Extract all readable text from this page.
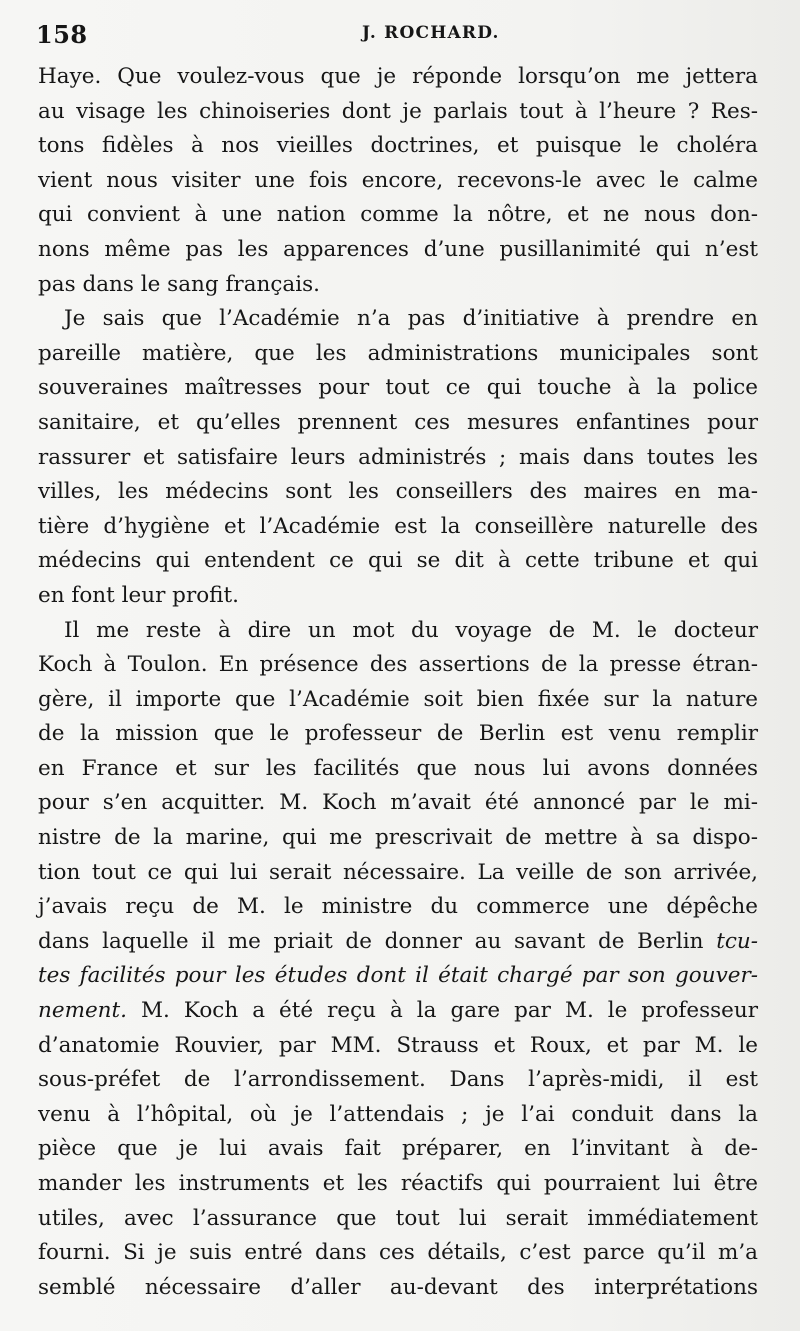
158	J. ROCHARD.
Haye. Que voulez-vous que je réponde lorsqu’on me jettera
au visage les chinoiseries dont je parlais tout à l’heure ? Res-
tons fidèles à nos vieilles doctrines, et puisque le choléra
vient nous visiter une fois encore, recevons-le avec le calme
qui convient à une nation comme la nôtre, et ne nous don-
nons même pas les apparences d’une pusillanimité qui n’est
pas dans le sang français.
Je sais que l’Académie n’a pas d’initiative à prendre en
pareille matière, que les administrations municipales sont
souveraines maîtresses pour tout ce qui touche à la police
sanitaire, et qu’elles prennent ces mesures enfantines pour
rassurer et satisfaire leurs administrés ; mais dans toutes les
villes, les médecins sont les conseillers des maires en ma-
tière d’hygiène et l’Académie est la conseillère naturelle des
médecins qui entendent ce qui se dit à cette tribune et qui
en font leur profit.
Il me reste à dire un mot du voyage de M. le docteur
Koch à Toulon. En présence des assertions de la presse étran-
gère, il importe que l’Académie soit bien fixée sur la nature
de la mission que le professeur de Berlin est venu remplir
en France et sur les facilités que nous lui avons données
pour s’en acquitter. M. Koch m’avait été annoncé par le mi-
nistre de la marine, qui me prescrivait de mettre à sa dispo-
tion tout ce qui lui serait nécessaire. La veille de son arrivée,
j’avais reçu de M. le ministre du commerce une dépêche
dans laquelle il me priait de donner au savant de Berlin tcu-
tes facilités pour les études dont il était chargé par son gouver-
nement. M. Koch a été reçu à la gare par M. le professeur
d’anatomie Rouvier, par MM. Strauss et Roux, et par M. le
sous-préfet de l’arrondissement. Dans l’après-midi, il est
venu à l’hôpital, où je l’attendais ; je l’ai conduit dans la
pièce que je lui avais fait préparer, en l’invitant à de-
mander les instruments et les réactifs qui pourraient lui être
utiles, avec l’assurance que tout lui serait immédiatement
fourni. Si je suis entré dans ces détails, c’est parce qu’il m’a
semblé nécessaire d’aller au-devant des interprétations
